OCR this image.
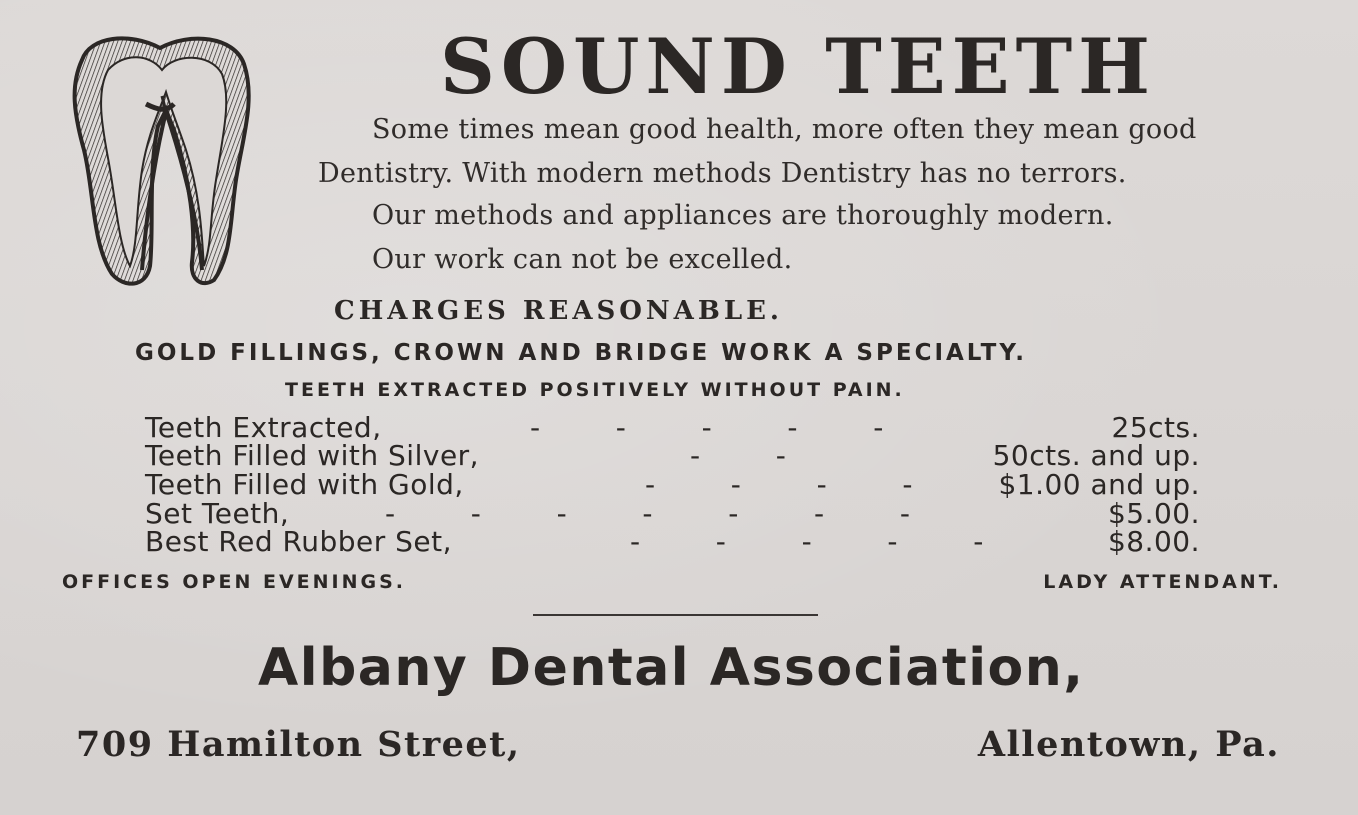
SOUND TEETH
Some times mean good health, more often they mean good
Dentistry. With modern methods Dentistry has no terrors.
Our methods and appliances are thoroughly modern.
Our work can not be excelled.
CHARGES REASONABLE.
GOLD FILLINGS, CROWN AND BRIDGE WORK A SPECIALTY.
TEETH EXTRACTED POSITIVELY WITHOUT PAIN.
Teeth Extracted,	-        -        -        -        -	25cts.
Teeth Filled with Silver,	-        -	50cts. and up.
Teeth Filled with Gold,	-        -        -        -	$1.00 and up.
Set Teeth,	-        -        -        -        -        -        -	$5.00.
Best Red Rubber Set,	-        -        -        -        -	$8.00.
OFFICES OPEN EVENINGS.	LADY ATTENDANT.
Albany Dental Association,
709 Hamilton Street,	Allentown, Pa.
